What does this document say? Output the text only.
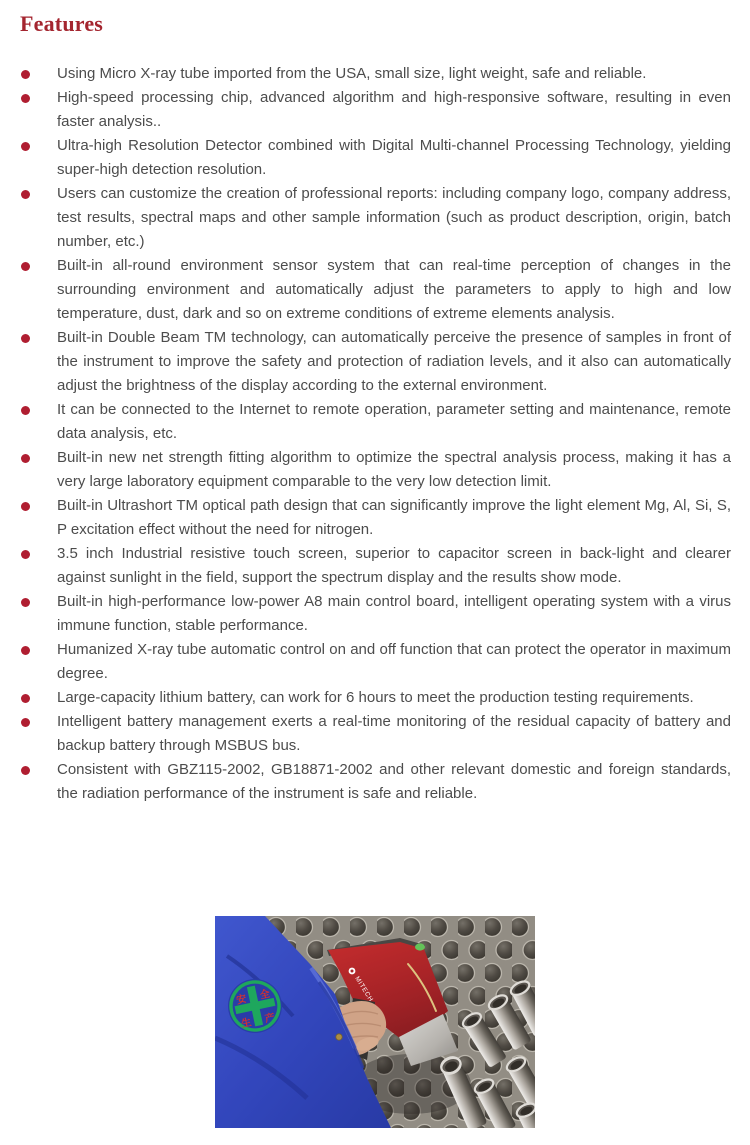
Features
Using Micro X-ray tube imported from the USA, small size, light weight, safe and reliable.
High-speed processing chip, advanced algorithm and high-responsive software, resulting in even faster analysis..
Ultra-high Resolution Detector combined with Digital Multi-channel Processing Technology, yielding super-high detection resolution.
Users can customize the creation of professional reports: including company logo, company address, test results, spectral maps and other sample information (such as product description, origin, batch number, etc.)
Built-in all-round environment sensor system that can real-time perception of changes in the surrounding environment and automatically adjust the parameters to apply to high and low temperature, dust, dark and so on extreme conditions of extreme elements analysis.
Built-in Double Beam TM technology, can automatically perceive the presence of samples in front of the instrument to improve the safety and protection of radiation levels, and it also can automatically adjust the brightness of the display according to the external environment.
It can be connected to the Internet to remote operation, parameter setting and maintenance, remote data analysis, etc.
Built-in new net strength fitting algorithm to optimize the spectral analysis process, making it has a very large laboratory equipment comparable to the very low detection limit.
Built-in Ultrashort TM optical path design that can significantly improve the light element Mg, Al, Si, S, P excitation effect without the need for nitrogen.
3.5 inch Industrial resistive touch screen, superior to capacitor screen in back-light and clearer against sunlight in the field, support the spectrum display and the results show mode.
Built-in high-performance low-power A8 main control board, intelligent operating system with a virus immune function, stable performance.
Humanized X-ray tube automatic control on and off function that can protect the operator in maximum degree.
Large-capacity lithium battery, can work for 6 hours to meet the production testing requirements.
Intelligent battery management exerts a real-time monitoring of the residual capacity of battery and backup battery through MSBUS bus.
Consistent with GBZ115-2002, GB18871-2002 and other relevant domestic and foreign standards, the radiation performance of the instrument is safe and reliable.
